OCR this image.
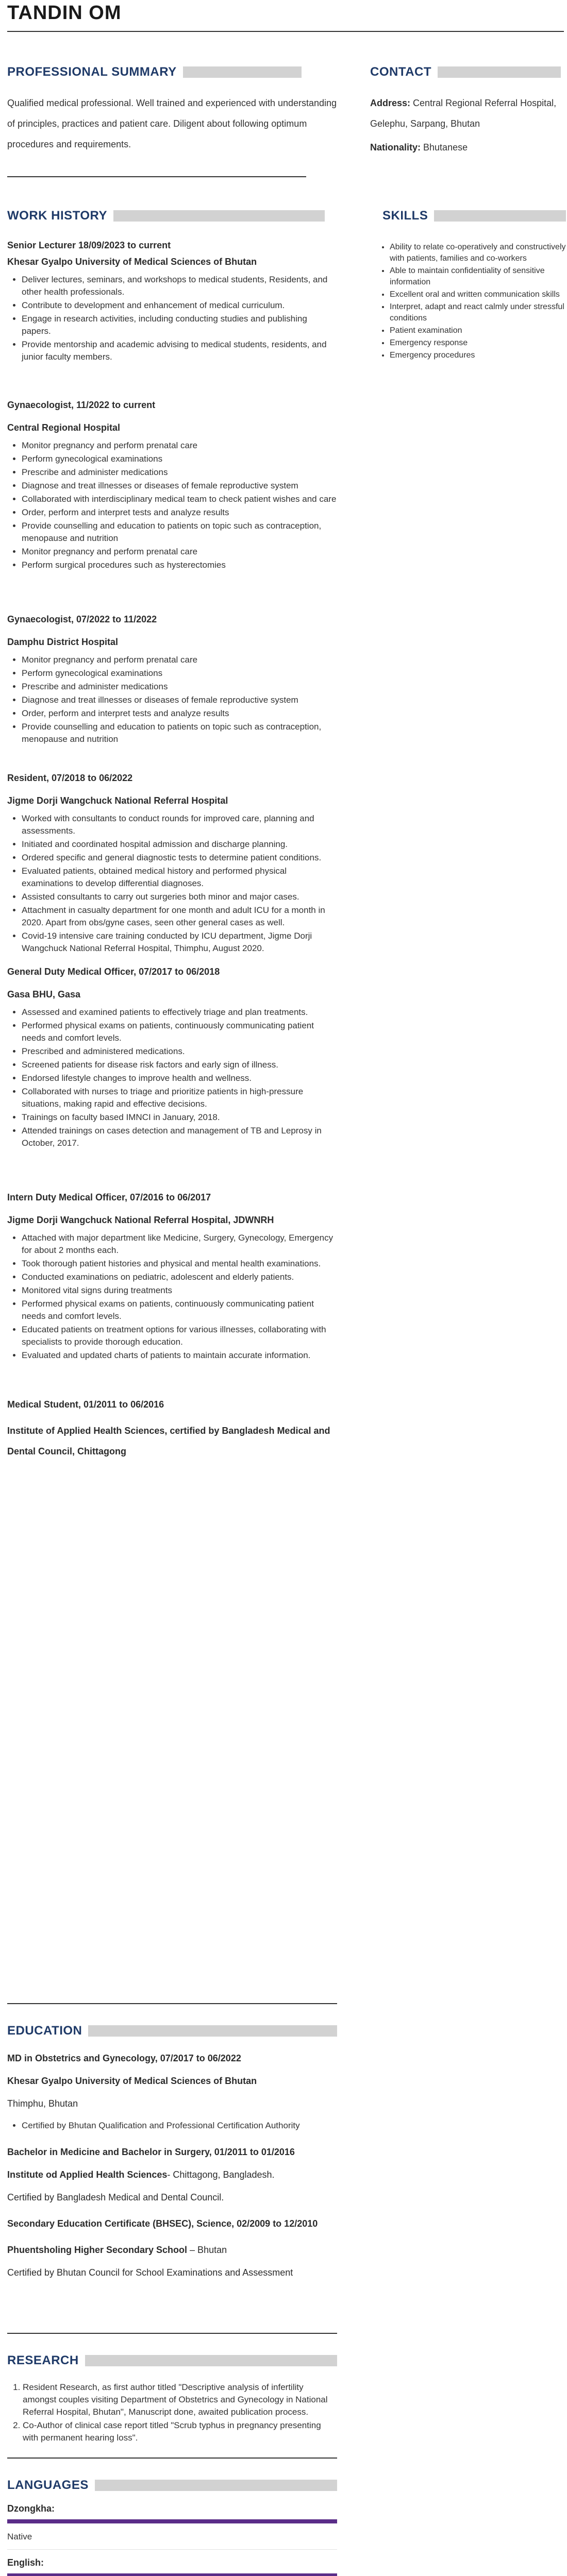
TANDIN OM
PROFESSIONAL SUMMARY
Qualified medical professional. Well trained and experienced with understanding of principles, practices and patient care. Diligent about following optimum procedures and requirements.
CONTACT
Address: Central Regional Referral Hospital, Gelephu, Sarpang, Bhutan
Nationality: Bhutanese
SKILLS
• Ability to relate co-operatively and constructively with patients, families and co-workers
• Able to maintain confidentiality of sensitive information
• Excellent oral and written communication skills
• Interpret, adapt and react calmly under stressful conditions
• Patient examination
• Emergency response
• Emergency procedures
WORK HISTORY
Senior Lecturer 18/09/2023 to current
Khesar Gyalpo University of Medical Sciences of Bhutan
• Deliver lectures, seminars, and workshops to medical students, Residents, and other health professionals.
• Contribute to development and enhancement of medical curriculum.
• Engage in research activities, including conducting studies and publishing papers.
• Provide mentorship and academic advising to medical students, residents, and junior faculty members.
Gynaecologist, 11/2022 to current
Central Regional Hospital
• Monitor pregnancy and perform prenatal care
• Perform gynecological examinations
• Prescribe and administer medications
• Diagnose and treat illnesses or diseases of female reproductive system
• Collaborated with interdisciplinary medical team to check patient wishes and care
• Order, perform and interpret tests and analyze results
• Provide counselling and education to patients on topic such as contraception, menopause and nutrition
• Monitor pregnancy and perform prenatal care
• Perform surgical procedures such as hysterectomies
Gynaecologist, 07/2022 to 11/2022
Damphu District Hospital
• Monitor pregnancy and perform prenatal care
• Perform gynecological examinations
• Prescribe and administer medications
• Diagnose and treat illnesses or diseases of female reproductive system
• Order, perform and interpret tests and analyze results
• Provide counselling and education to patients on topic such as contraception, menopause and nutrition
Resident, 07/2018 to 06/2022
Jigme Dorji Wangchuck National Referral Hospital
• Worked with consultants to conduct rounds for improved care, planning and assessments.
• Initiated and coordinated hospital admission and discharge planning.
• Ordered specific and general diagnostic tests to determine patient conditions.
• Evaluated patients, obtained medical history and performed physical examinations to develop differential diagnoses.
• Assisted consultants to carry out surgeries both minor and major cases.
• Attachment in casualty department for one month and adult ICU for a month in 2020. Apart from obs/gyne cases, seen other general cases as well.
• Covid-19 intensive care training conducted by ICU department, Jigme Dorji Wangchuck National Referral Hospital, Thimphu, August 2020.
General Duty Medical Officer, 07/2017 to 06/2018
Gasa BHU, Gasa
• Assessed and examined patients to effectively triage and plan treatments.
• Performed physical exams on patients, continuously communicating patient needs and comfort levels.
• Prescribed and administered medications.
• Screened patients for disease risk factors and early sign of illness.
• Endorsed lifestyle changes to improve health and wellness.
• Collaborated with nurses to triage and prioritize patients in high-pressure situations, making rapid and effective decisions.
• Trainings on faculty based IMNCI in January, 2018.
• Attended trainings on cases detection and management of TB and Leprosy in October, 2017.
Intern Duty Medical Officer, 07/2016 to 06/2017
Jigme Dorji Wangchuck National Referral Hospital, JDWNRH
• Attached with major department like Medicine, Surgery, Gynecology, Emergency for about 2 months each.
• Took thorough patient histories and physical and mental health examinations.
• Conducted examinations on pediatric, adolescent and elderly patients.
• Monitored vital signs during treatments
• Performed physical exams on patients, continuously communicating patient needs and comfort levels.
• Educated patients on treatment options for various illnesses, collaborating with specialists to provide thorough education.
• Evaluated and updated charts of patients to maintain accurate information.
Medical Student, 01/2011 to 06/2016
Institute of Applied Health Sciences, certified by Bangladesh Medical and Dental Council, Chittagong
EDUCATION
MD in Obstetrics and Gynecology, 07/2017 to 06/2022
Khesar Gyalpo University of Medical Sciences of Bhutan
Thimphu, Bhutan
• Certified by Bhutan Qualification and Professional Certification Authority
Bachelor in Medicine and Bachelor in Surgery, 01/2011 to 01/2016
Institute od Applied Health Sciences- Chittagong, Bangladesh.
Certified by Bangladesh Medical and Dental Council.
Secondary Education Certificate (BHSEC), Science, 02/2009 to 12/2010
Phuentsholing Higher Secondary School – Bhutan
Certified by Bhutan Council for School Examinations and Assessment
RESEARCH
1. Resident Research, as first author titled "Descriptive analysis of infertility amongst couples visiting Department of Obstetrics and Gynecology in National Referral Hospital, Bhutan", Manuscript done, awaited publication process.
2. Co-Author of clinical case report titled "Scrub typhus in pregnancy presenting with permanent hearing loss".
LANGUAGES
Dzongkha:
Native
English:
